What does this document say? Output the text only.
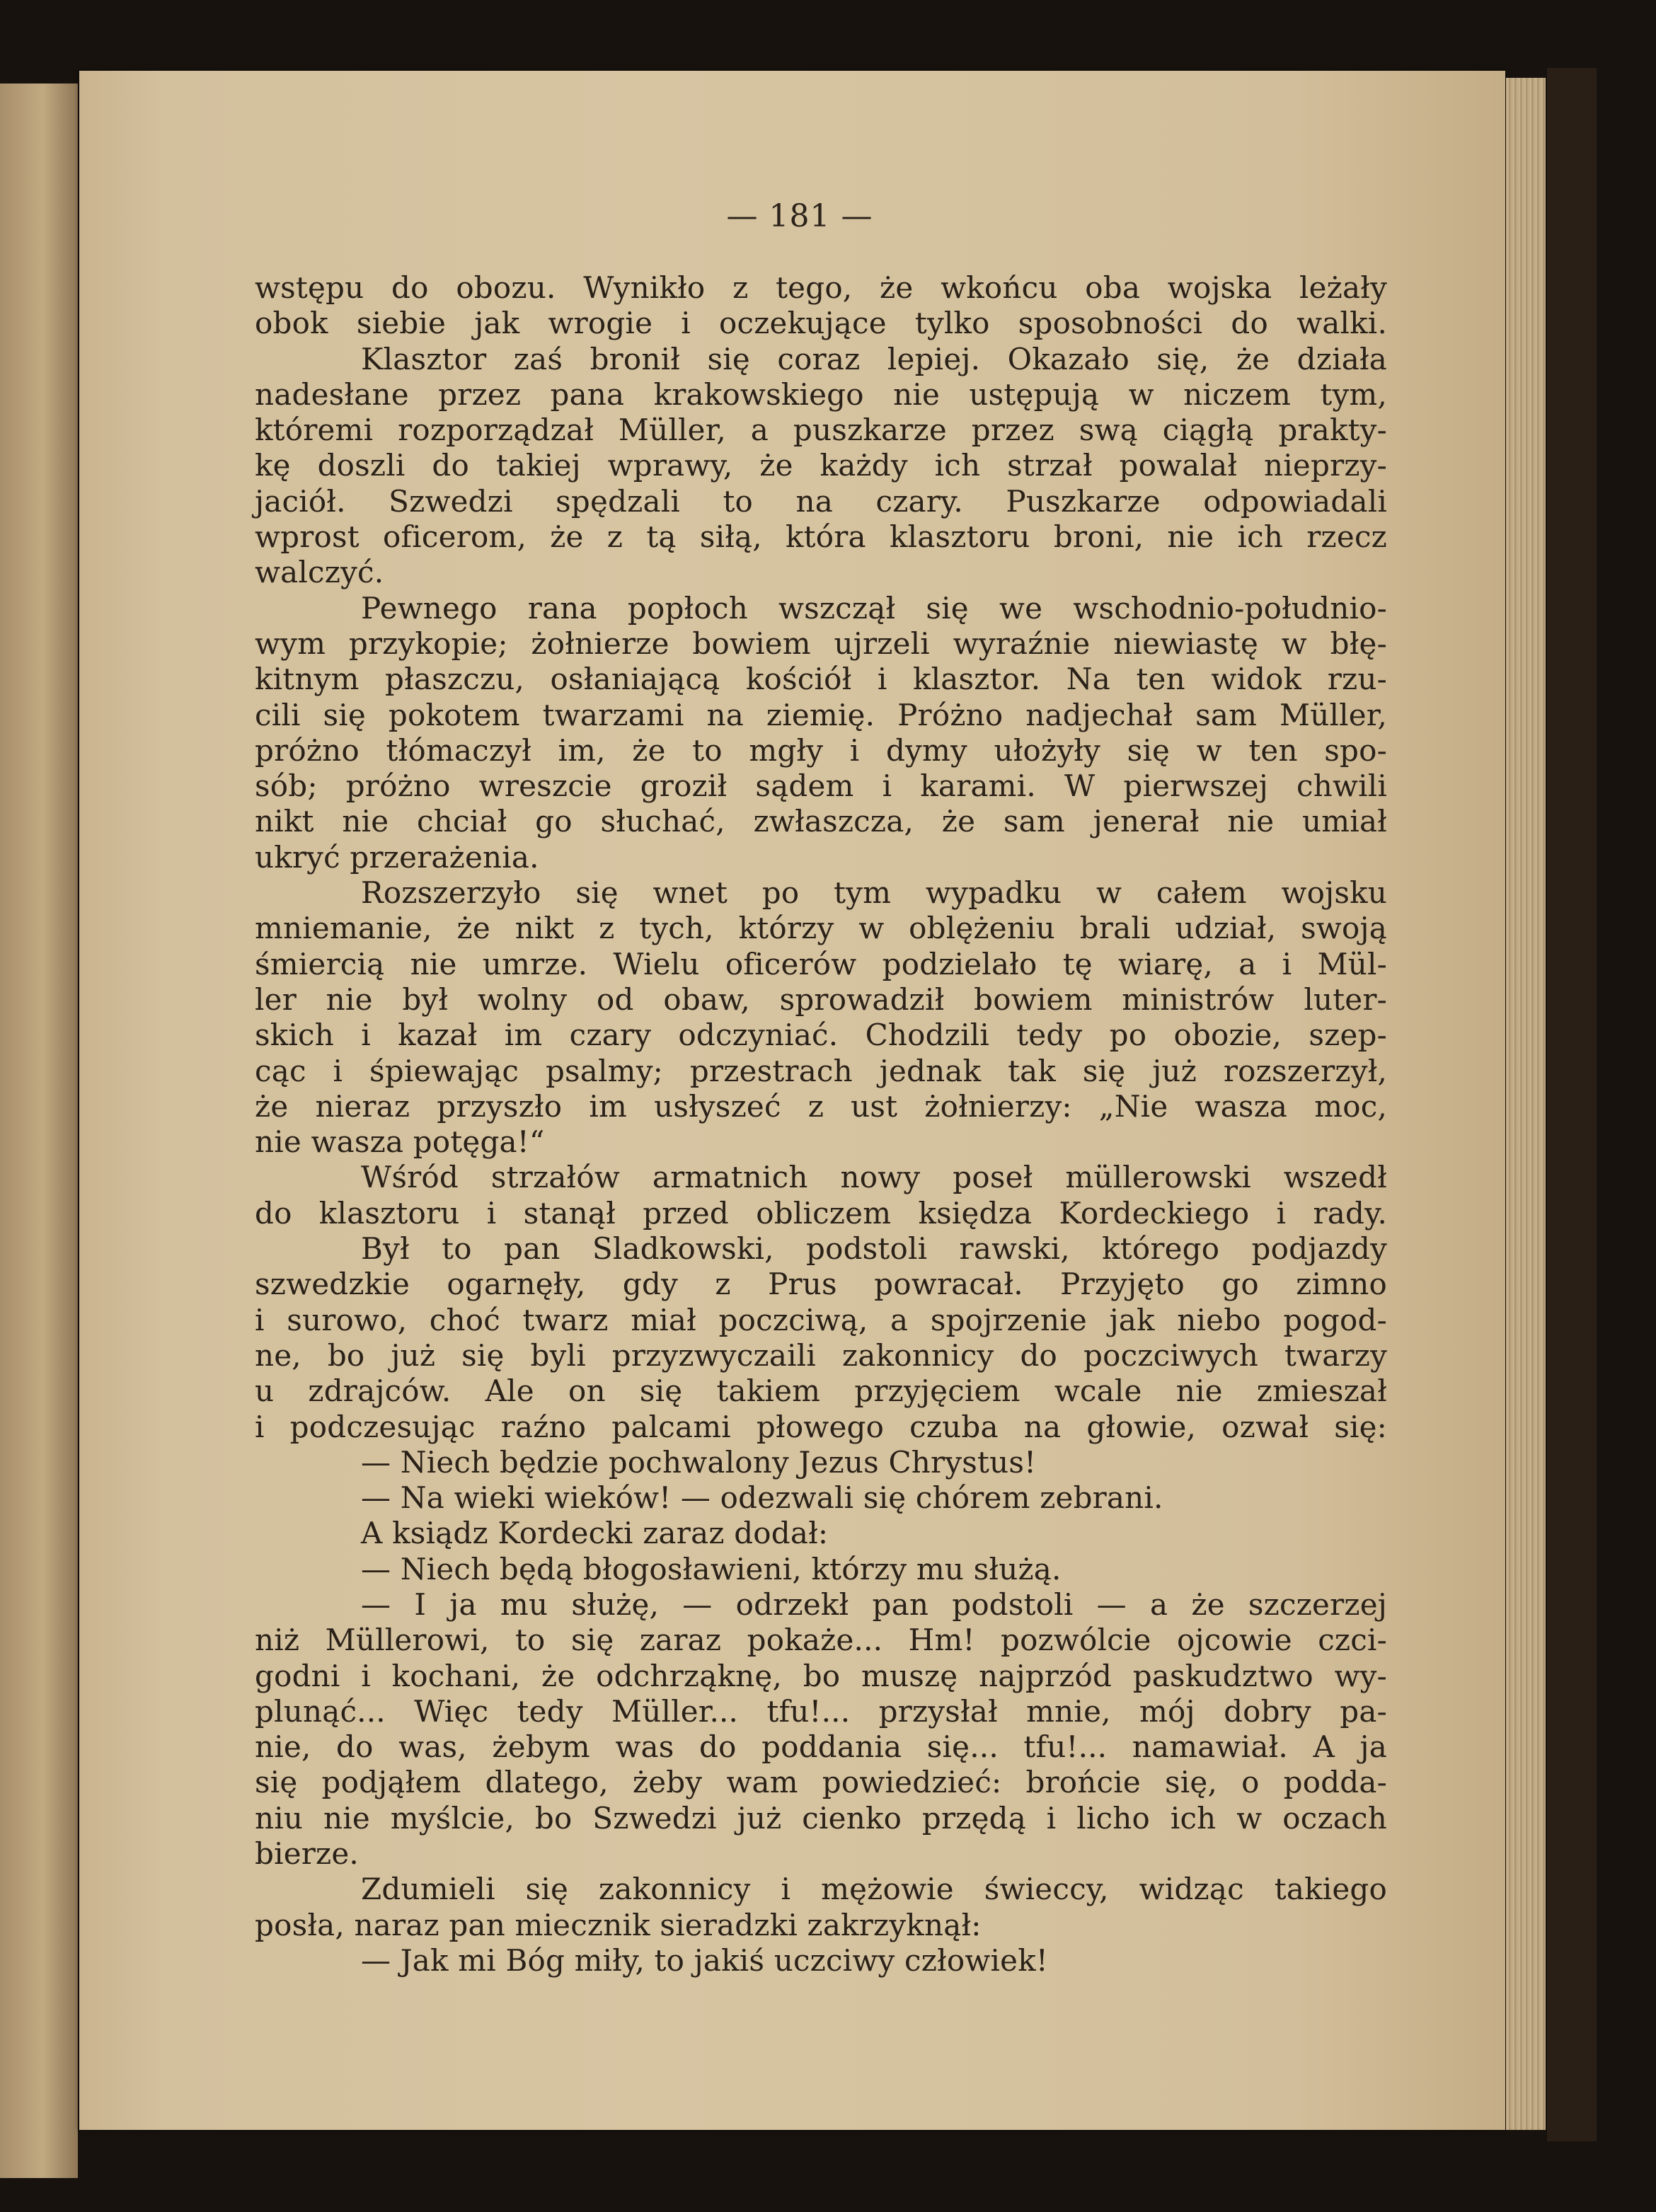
— 181 —
wstępu do obozu. Wynikło z tego, że wkońcu oba wojska leżały
obok siebie jak wrogie i oczekujące tylko sposobności do walki.
Klasztor zaś bronił się coraz lepiej. Okazało się, że działa
nadesłane przez pana krakowskiego nie ustępują w niczem tym,
któremi rozporządzał Müller, a puszkarze przez swą ciągłą prakty-
kę doszli do takiej wprawy, że każdy ich strzał powalał nieprzy-
jaciół. Szwedzi spędzali to na czary. Puszkarze odpowiadali
wprost oficerom, że z tą siłą, która klasztoru broni, nie ich rzecz
walczyć.
Pewnego rana popłoch wszczął się we wschodnio-południo-
wym przykopie; żołnierze bowiem ujrzeli wyraźnie niewiastę w błę-
kitnym płaszczu, osłaniającą kościół i klasztor. Na ten widok rzu-
cili się pokotem twarzami na ziemię. Próżno nadjechał sam Müller,
próżno tłómaczył im, że to mgły i dymy ułożyły się w ten spo-
sób; próżno wreszcie groził sądem i karami. W pierwszej chwili
nikt nie chciał go słuchać, zwłaszcza, że sam jenerał nie umiał
ukryć przerażenia.
Rozszerzyło się wnet po tym wypadku w całem wojsku
mniemanie, że nikt z tych, którzy w oblężeniu brali udział, swoją
śmiercią nie umrze. Wielu oficerów podzielało tę wiarę, a i Mül-
ler nie był wolny od obaw, sprowadził bowiem ministrów luter-
skich i kazał im czary odczyniać. Chodzili tedy po obozie, szep-
cąc i śpiewając psalmy; przestrach jednak tak się już rozszerzył,
że nieraz przyszło im usłyszeć z ust żołnierzy: „Nie wasza moc,
nie wasza potęga!“
Wśród strzałów armatnich nowy poseł müllerowski wszedł
do klasztoru i stanął przed obliczem księdza Kordeckiego i rady.
Był to pan Sladkowski, podstoli rawski, którego podjazdy
szwedzkie ogarnęły, gdy z Prus powracał. Przyjęto go zimno
i surowo, choć twarz miał poczciwą, a spojrzenie jak niebo pogod-
ne, bo już się byli przyzwyczaili zakonnicy do poczciwych twarzy
u zdrajców. Ale on się takiem przyjęciem wcale nie zmieszał
i podczesując raźno palcami płowego czuba na głowie, ozwał się:
— Niech będzie pochwalony Jezus Chrystus!
— Na wieki wieków! — odezwali się chórem zebrani.
A ksiądz Kordecki zaraz dodał:
— Niech będą błogosławieni, którzy mu służą.
— I ja mu służę, — odrzekł pan podstoli — a że szczerzej
niż Müllerowi, to się zaraz pokaże... Hm! pozwólcie ojcowie czci-
godni i kochani, że odchrząknę, bo muszę najprzód paskudztwo wy-
plunąć... Więc tedy Müller... tfu!... przysłał mnie, mój dobry pa-
nie, do was, żebym was do poddania się... tfu!... namawiał. A ja
się podjąłem dlatego, żeby wam powiedzieć: brońcie się, o podda-
niu nie myślcie, bo Szwedzi już cienko przędą i licho ich w oczach
bierze.
Zdumieli się zakonnicy i mężowie świeccy, widząc takiego
posła, naraz pan miecznik sieradzki zakrzyknął:
— Jak mi Bóg miły, to jakiś uczciwy człowiek!
